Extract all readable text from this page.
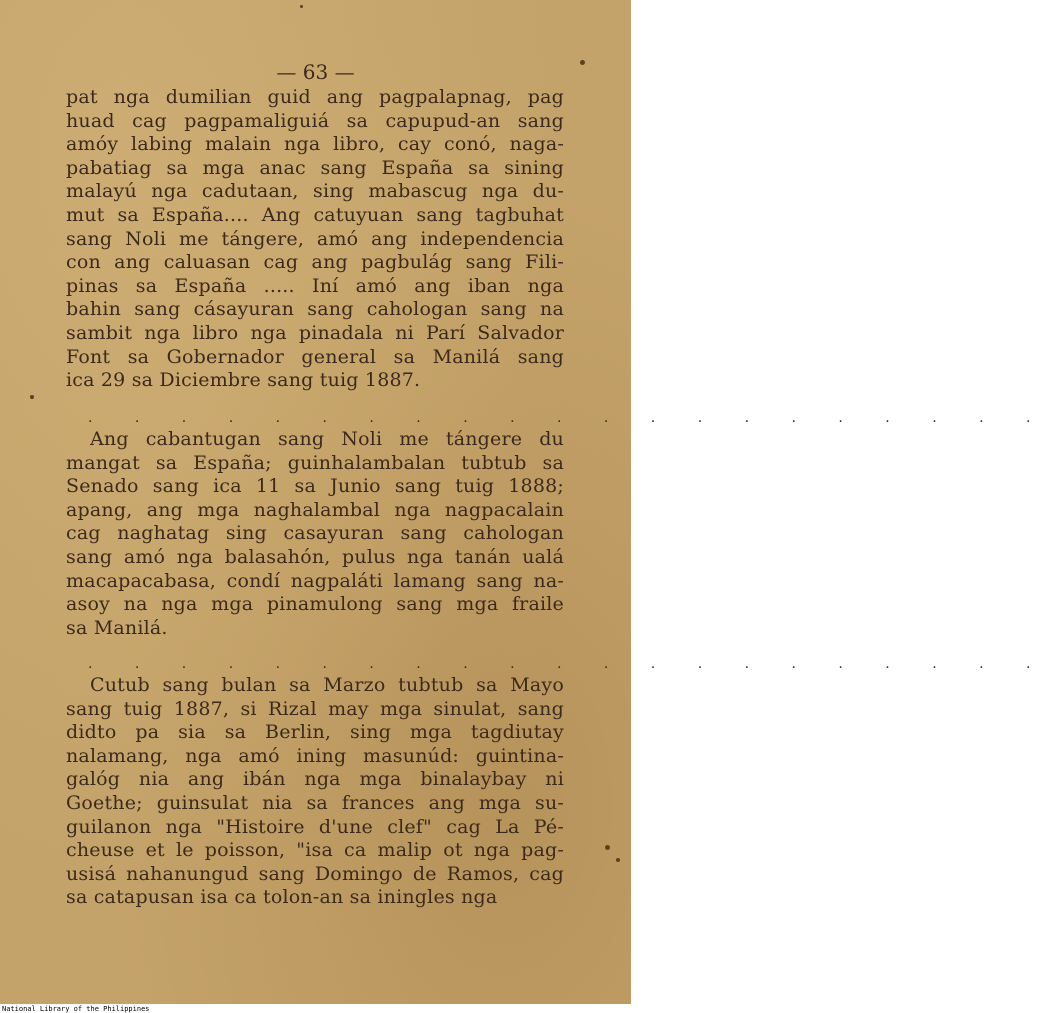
— 63 —
pat nga dumilian guid ang pagpalapnag, pag
huad cag pagpamaliguiá sa capupud-an sang
amóy labing malain nga libro, cay conó, naga-
pabatiag sa mga anac sang España sa sining
malayú nga cadutaan, sing mabascug nga du-
mut sa España.... Ang catuyuan sang tagbuhat
sang Noli me tángere, amó ang independencia
con ang caluasan cag ang pagbulág sang Fili-
pinas sa España ..... Iní amó ang iban nga
bahin sang cásayuran sang cahologan sang na
sambit nga libro nga pinadala ni Parí Salvador
Font sa Gobernador general sa Manilá sang
ica 29 sa Diciembre sang tuig 1887.
. . . . . . . . . . . . . . . . . . . . .
Ang cabantugan sang Noli me tángere du
mangat sa España; guinhalambalan tubtub sa
Senado sang ica 11 sa Junio sang tuig 1888;
apang, ang mga naghalambal nga nagpacalain
cag naghatag sing casayuran sang cahologan
sang amó nga balasahón, pulus nga tanán ualá
macapacabasa, condí nagpaláti lamang sang na-
asoy na nga mga pinamulong sang mga fraile
sa Manilá.
. . . . . . . . . . . . . . . . . . . . .
Cutub sang bulan sa Marzo tubtub sa Mayo
sang tuig 1887, si Rizal may mga sinulat, sang
didto pa sia sa Berlin, sing mga tagdiutay
nalamang, nga amó ining masunúd: guintina-
galóg nia ang ibán nga mga binalaybay ni
Goethe; guinsulat nia sa frances ang mga su-
guilanon nga "Histoire d'une clef" cag La Pé-
cheuse et le poisson, "isa ca malip ot nga pag-
usisá nahanungud sang Domingo de Ramos, cag
sa catapusan isa ca tolon-an sa iningles nga
National Library of the Philippines
